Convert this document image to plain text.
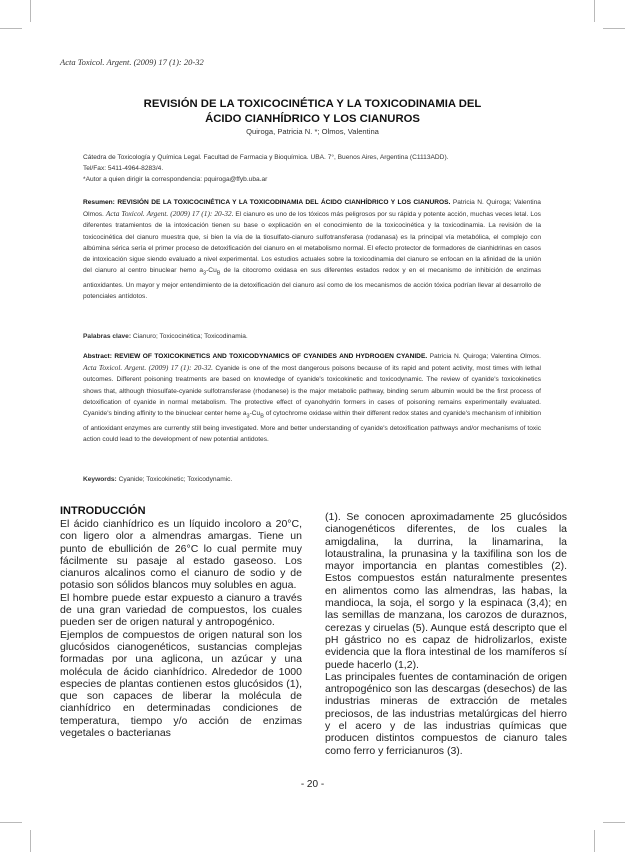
Acta Toxicol. Argent. (2009) 17 (1): 20-32
REVISIÓN DE LA TOXICOCINÉTICA Y LA TOXICODINAMIA DEL
ÁCIDO CIANHÍDRICO Y LOS CIANUROS
Quiroga, Patricia N. *; Olmos, Valentina
Cátedra de Toxicología y Química Legal. Facultad de Farmacia y Bioquímica. UBA. 7°, Buenos Aires, Argentina (C1113ADD).
Tel/Fax: 5411-4964-8283/4.
*Autor a quien dirigir la correspondencia: pquiroga@ffyb.uba.ar
Resumen: REVISIÓN DE LA TOXICOCINÉTICA Y LA TOXICODINAMIA DEL ÁCIDO CIANHÍDRICO Y LOS CIANUROS. Patricia N. Quiroga; Valentina Olmos. Acta Toxicol. Argent. (2009) 17 (1): 20-32. El cianuro es uno de los tóxicos más peligrosos por su rápida y potente acción, muchas veces letal. Los diferentes tratamientos de la intoxicación tienen su base o explicación en el conocimiento de la toxicocinética y la toxicodinamia. La revisión de la toxicocinética del cianuro muestra que, si bien la vía de la tiosulfato-cianuro sulfotransferasa (rodanasa) es la principal vía metabólica, el complejo con albúmina sérica sería el primer proceso de detoxificación del cianuro en el metabolismo normal. El efecto protector de formadores de cianhidrinas en casos de intoxicación sigue siendo evaluado a nivel experimental. Los estudios actuales sobre la toxicodinamia del cianuro se enfocan en la afinidad de la unión del cianuro al centro binuclear hemo $a_3-Cu_B$ de la citocromo oxidasa en sus diferentes estados redox y en el mecanismo de inhibición de enzimas antioxidantes. Un mayor y mejor entendimiento de la detoxificación del cianuro así como de los mecanismos de acción tóxica podrían llevar al desarrollo de potenciales antídotos.
Palabras clave: Cianuro; Toxicocinética; Toxicodinamia.
Abstract: REVIEW OF TOXICOKINETICS AND TOXICODYNAMICS OF CYANIDES AND HYDROGEN CYANIDE. Patricia N. Quiroga; Valentina Olmos. Acta Toxicol. Argent. (2009) 17 (1): 20-32. Cyanide is one of the most dangerous poisons because of its rapid and potent activity, most times with lethal outcomes. Different poisoning treatments are based on knowledge of cyanide's toxicokinetic and toxicodynamic. The review of cyanide's toxicokinetics shows that, although thiosulfate-cyanide sulfotransferase (rhodanese) is the major metabolic pathway, binding serum albumin would be the first process of detoxification of cyanide in normal metabolism. The protective effect of cyanohydrin formers in cases of poisoning remains experimentally evaluated. Cyanide's binding affinity to the binuclear center heme $a_3-Cu_B$ of cytochrome oxidase within their different redox states and cyanide's mechanism of inhibition of antioxidant enzymes are currently still being investigated. More and better understanding of cyanide's detoxification pathways and/or mechanisms of toxic action could lead to the development of new potential antidotes.
Keywords: Cyanide; Toxicokinetic; Toxicodynamic.
INTRODUCCIÓN

El ácido cianhídrico es un líquido incoloro a 20°C, con ligero olor a almendras amargas. Tiene un punto de ebullición de 26°C lo cual permite muy fácilmente su pasaje al estado gaseoso. Los cianuros alcalinos como el cianuro de sodio y de potasio son sólidos blancos muy solubles en agua.

El hombre puede estar expuesto a cianuro a través de una gran variedad de compuestos, los cuales pueden ser de origen natural y antropogénico.

Ejemplos de compuestos de origen natural son los glucósidos cianogenéticos, sustancias complejas formadas por una aglicona, un azúcar y una molécula de ácido cianhídrico. Alrededor de 1000 especies de plantas contienen estos glucósidos (1), que son capaces de liberar la molécula de cianhídrico en determinadas condiciones de temperatura, tiempo y/o acción de enzimas vegetales o bacterianas

(1). Se conocen aproximadamente 25 glucósidos cianogenéticos diferentes, de los cuales la amigdalina, la durrina, la linamarina, la lotaustralina, la prunasina y la taxifilina son los de mayor importancia en plantas comestibles (2). Estos compuestos están naturalmente presentes en alimentos como las almendras, las habas, la mandioca, la soja, el sorgo y la espinaca (3,4); en las semillas de manzana, los carozos de duraznos, cerezas y ciruelas (5). Aunque está descripto que el pH gástrico no es capaz de hidrolizarlos, existe evidencia que la flora intestinal de los mamíferos sí puede hacerlo (1,2).

Las principales fuentes de contaminación de origen antropogénico son las descargas (desechos) de las industrias mineras de extracción de metales preciosos, de las industrias metalúrgicas del hierro y el acero y de las industrias químicas que producen distintos compuestos de cianuro tales como ferro y ferricianuros (3).

- 20 -
